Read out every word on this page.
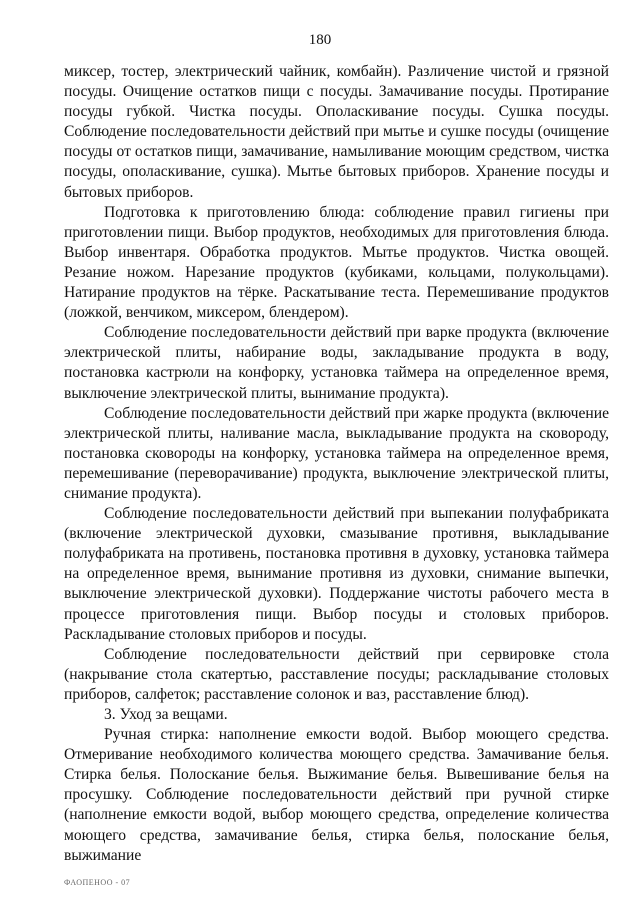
180

миксер, тостер, электрический чайник, комбайн). Различение чистой и грязной посуды. Очищение остатков пищи с посуды. Замачивание посуды. Протирание посуды губкой. Чистка посуды. Ополаскивание посуды. Сушка посуды. Соблюдение последовательности действий при мытье и сушке посуды (очищение посуды от остатков пищи, замачивание, намыливание моющим средством, чистка посуды, ополаскивание, сушка). Мытье бытовых приборов. Хранение посуды и бытовых приборов.

Подготовка к приготовлению блюда: соблюдение правил гигиены при приготовлении пищи. Выбор продуктов, необходимых для приготовления блюда. Выбор инвентаря. Обработка продуктов. Мытье продуктов. Чистка овощей. Резание ножом. Нарезание продуктов (кубиками, кольцами, полукольцами). Натирание продуктов на тёрке. Раскатывание теста. Перемешивание продуктов (ложкой, венчиком, миксером, блендером).

Соблюдение последовательности действий при варке продукта (включение электрической плиты, набирание воды, закладывание продукта в воду, постановка кастрюли на конфорку, установка таймера на определенное время, выключение электрической плиты, вынимание продукта).

Соблюдение последовательности действий при жарке продукта (включение электрической плиты, наливание масла, выкладывание продукта на сковороду, постановка сковороды на конфорку, установка таймера на определенное время, перемешивание (переворачивание) продукта, выключение электрической плиты, снимание продукта).

Соблюдение последовательности действий при выпекании полуфабриката (включение электрической духовки, смазывание противня, выкладывание полуфабриката на противень, постановка противня в духовку, установка таймера на определенное время, вынимание противня из духовки, снимание выпечки, выключение электрической духовки). Поддержание чистоты рабочего места в процессе приготовления пищи. Выбор посуды и столовых приборов. Раскладывание столовых приборов и посуды.

Соблюдение последовательности действий при сервировке стола (накрывание стола скатертью, расставление посуды; раскладывание столовых приборов, салфеток; расставление солонок и ваз, расставление блюд).

3. Уход за вещами.

Ручная стирка: наполнение емкости водой. Выбор моющего средства. Отмеривание необходимого количества моющего средства. Замачивание белья. Стирка белья. Полоскание белья. Выжимание белья. Вывешивание белья на просушку. Соблюдение последовательности действий при ручной стирке (наполнение емкости водой, выбор моющего средства, определение количества моющего средства, замачивание белья, стирка белья, полоскание белья, выжимание

ФАОПЕНОО - 07
